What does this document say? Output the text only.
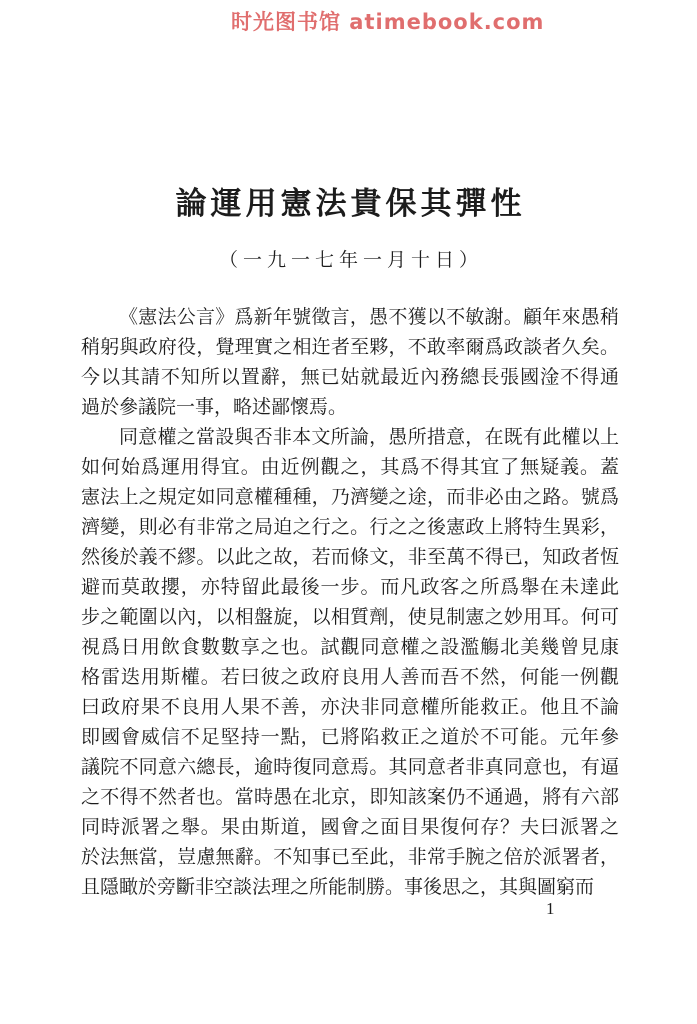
时光图书馆 atimebook.com
論運用憲法貴保其彈性
（一九一七年一月十日）
《憲法公言》爲新年號徵言，愚不獲以不敏謝。顧年來愚稍
稍躬與政府役，覺理實之相迕者至夥，不敢率爾爲政談者久矣。
今以其請不知所以置辭，無已姑就最近內務總長張國淦不得通
過於參議院一事，略述鄙懷焉。
同意權之當設與否非本文所論，愚所措意，在既有此權以上
如何始爲運用得宜。由近例觀之，其爲不得其宜了無疑義。蓋
憲法上之規定如同意權種種，乃濟變之途，而非必由之路。號爲
濟變，則必有非常之局迫之行之。行之之後憲政上將特生異彩，
然後於義不繆。以此之故，若而條文，非至萬不得已，知政者恆
避而莫敢攖，亦特留此最後一步。而凡政客之所爲舉在未達此
步之範圍以內，以相盤旋，以相質劑，使見制憲之妙用耳。何可
視爲日用飲食數數享之也。試觀同意權之設濫觴北美幾曾見康
格雷迭用斯權。若曰彼之政府良用人善而吾不然，何能一例觀
曰政府果不良用人果不善，亦決非同意權所能救正。他且不論
即國會威信不足堅持一點，已將陷救正之道於不可能。元年參
議院不同意六總長，逾時復同意焉。其同意者非真同意也，有逼
之不得不然者也。當時愚在北京，即知該案仍不通過，將有六部
同時派署之舉。果由斯道，國會之面目果復何存？夫曰派署之
於法無當，豈慮無辭。不知事已至此，非常手腕之倍於派署者，
且隱瞰於旁斷非空談法理之所能制勝。事後思之，其與圖窮而
1
